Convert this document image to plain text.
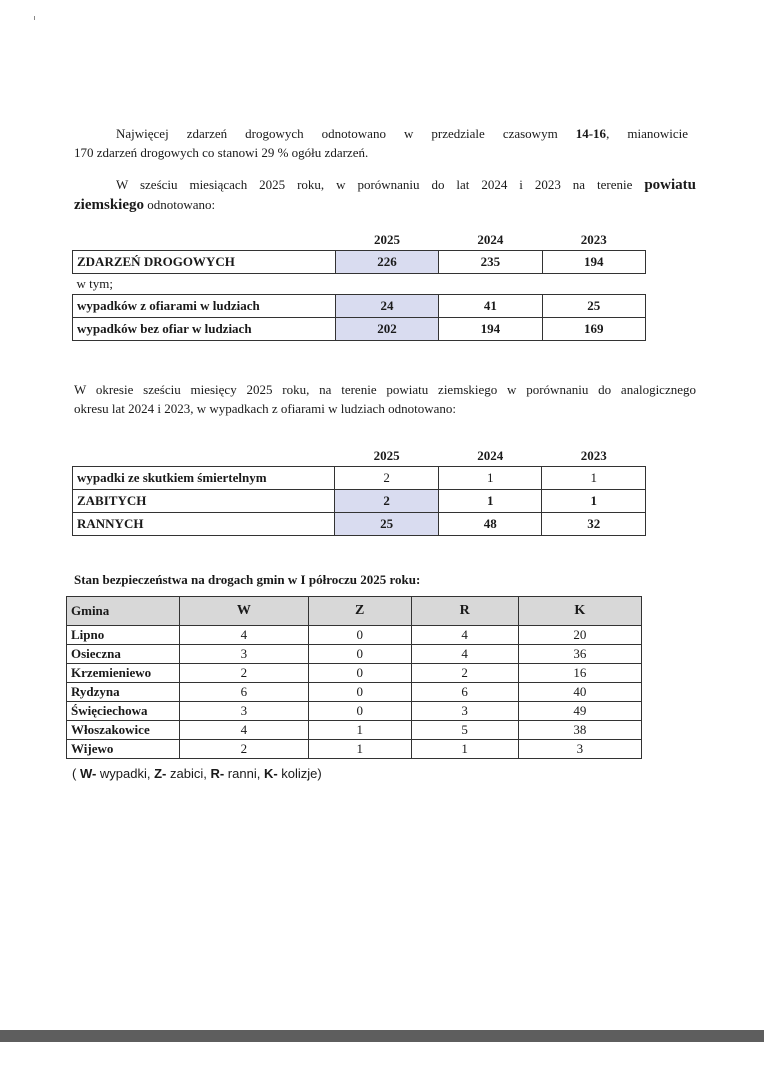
Najwięcej zdarzeń drogowych odnotowano w przedziale czasowym 14-16, mianowicie
170 zdarzeń drogowych co stanowi 29 % ogółu zdarzeń.
W sześciu miesiącach 2025 roku, w porównaniu do lat 2024 i 2023 na terenie powiatu
ziemskiego odnotowano:
	2025	2024	2023
ZDARZEŃ DROGOWYCH	226	235	194
w tym;			
wypadków z ofiarami w ludziach	24	41	25
wypadków bez ofiar w ludziach	202	194	169
W okresie sześciu miesięcy 2025 roku, na terenie powiatu ziemskiego w porównaniu do analogicznego
okresu lat 2024 i 2023, w wypadkach z ofiarami w ludziach odnotowano:
	2025	2024	2023
wypadki ze skutkiem śmiertelnym	2	1	1
ZABITYCH	2	1	1
RANNYCH	25	48	32
Stan bezpieczeństwa na drogach gmin w I półroczu 2025 roku:
Gmina	W	Z	R	K
Lipno	4	0	4	20
Osieczna	3	0	4	36
Krzemieniewo	2	0	2	16
Rydzyna	6	0	6	40
Święciechowa	3	0	3	49
Włoszakowice	4	1	5	38
Wijewo	2	1	1	3
( W- wypadki, Z- zabici, R- ranni, K- kolizje)
